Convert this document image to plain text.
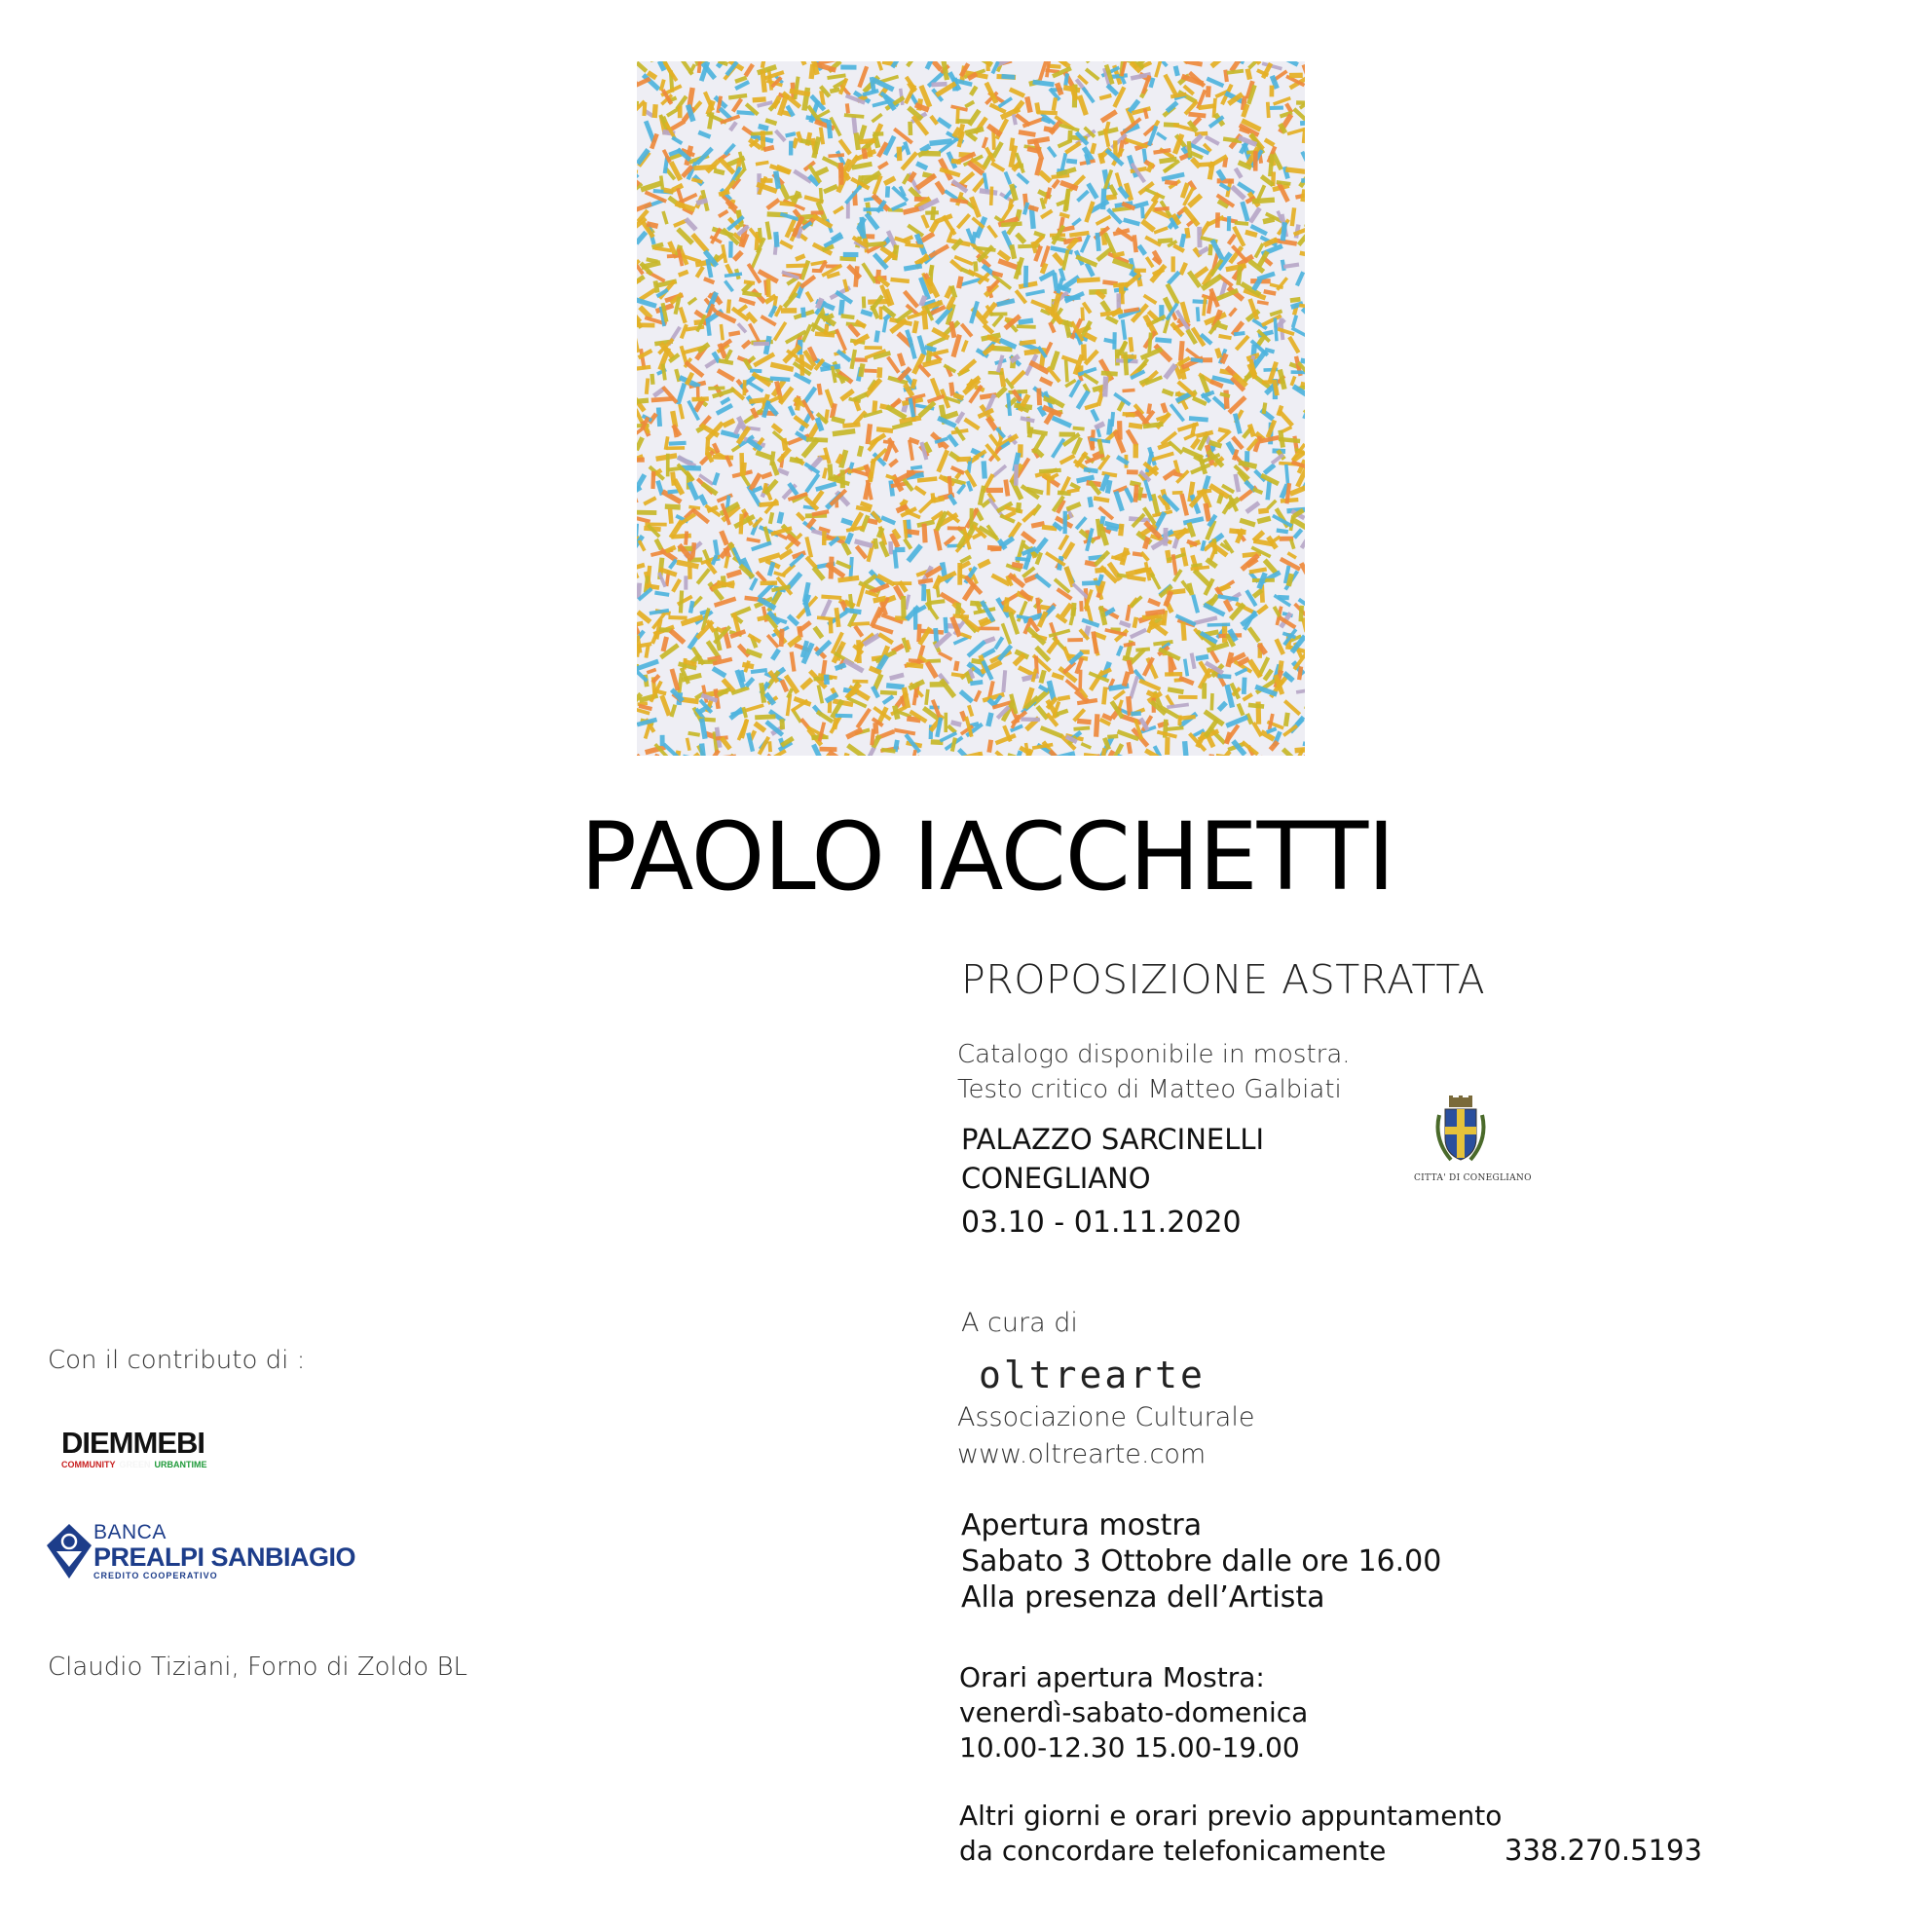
PAOLO IACCHETTI
PROPOSIZIONE ASTRATTA
Catalogo disponibile in mostra.
Testo critico di Matteo Galbiati
PALAZZO SARCINELLI
CONEGLIANO
03.10 - 01.11.2020
CITTA' DI CONEGLIANO
A cura di
oltrearte
Associazione Culturale
www.oltrearte.com
Apertura mostra
Sabato 3 Ottobre dalle ore 16.00
Alla presenza dell’Artista
Orari apertura Mostra:
venerdì-sabato-domenica
10.00-12.30 15.00-19.00
Altri giorni e orari previo appuntamento
da concordare telefonicamente	338.270.5193
Con il contributo di :
DIEMMEBI
COMMUNITY GREEN URBANTIME
BANCA
PREALPI SANBIAGIO
CREDITO COOPERATIVO
Claudio Tiziani, Forno di Zoldo BL
